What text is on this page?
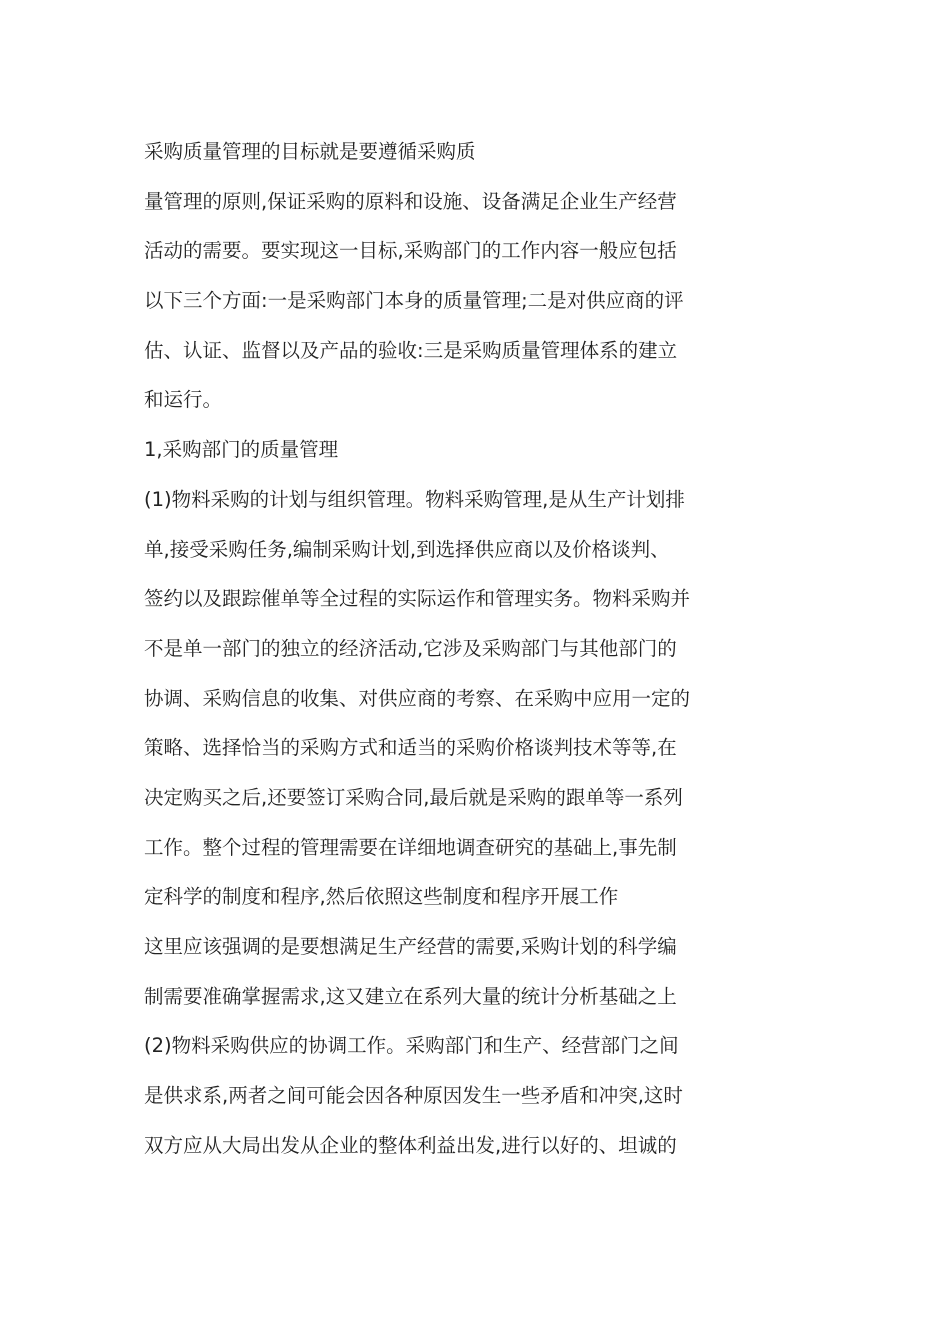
采购质量管理的目标就是要遵循采购质
量管理的原则,保证采购的原料和设施、设备满足企业生产经营
活动的需要。要实现这一目标,采购部门的工作内容一般应包括
以下三个方面:一是采购部门本身的质量管理;二是对供应商的评
估、认证、监督以及产品的验收:三是采购质量管理体系的建立
和运行。
1,采购部门的质量管理
(1)物料采购的计划与组织管理。物料采购管理,是从生产计划排
单,接受采购任务,编制采购计划,到选择供应商以及价格谈判、
签约以及跟踪催单等全过程的实际运作和管理实务。物料采购并
不是单一部门的独立的经济活动,它涉及采购部门与其他部门的
协调、采购信息的收集、对供应商的考察、在采购中应用一定的
策略、选择恰当的采购方式和适当的采购价格谈判技术等等,在
决定购买之后,还要签订采购合同,最后就是采购的跟单等一系列
工作。整个过程的管理需要在详细地调查研究的基础上,事先制
定科学的制度和程序,然后依照这些制度和程序开展工作
这里应该强调的是要想满足生产经营的需要,采购计划的科学编
制需要准确掌握需求,这又建立在系列大量的统计分析基础之上
(2)物料采购供应的协调工作。采购部门和生产、经营部门之间
是供求系,两者之间可能会因各种原因发生一些矛盾和冲突,这时
双方应从大局出发从企业的整体利益出发,进行以好的、坦诚的
